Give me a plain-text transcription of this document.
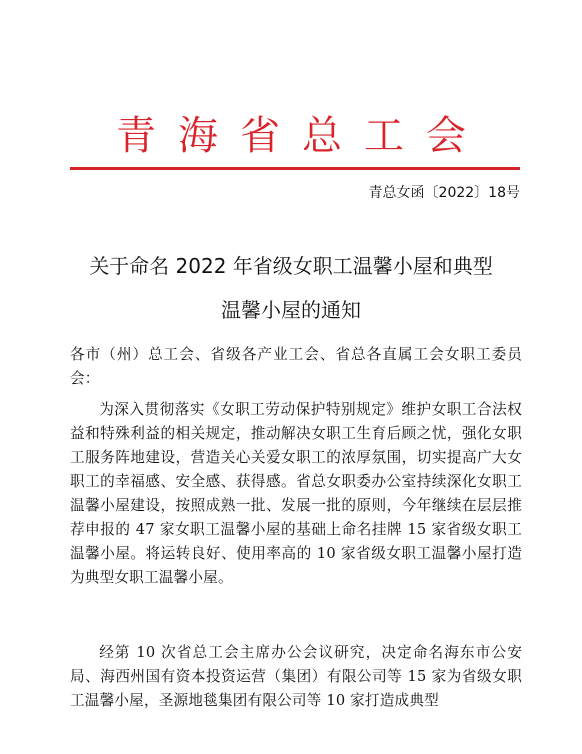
青海省总工会
青总女函〔2022〕18号
关于命名 2022 年省级女职工温馨小屋和典型
温馨小屋的通知

各市（州）总工会、省级各产业工会、省总各直属工会女职工委员会：

为深入贯彻落实《女职工劳动保护特别规定》维护女职工合法权益和特殊利益的相关规定，推动解决女职工生育后顾之忧，强化女职工服务阵地建设，营造关心关爱女职工的浓厚氛围，切实提高广大女职工的幸福感、安全感、获得感。省总女职委办公室持续深化女职工温馨小屋建设，按照成熟一批、发展一批的原则，今年继续在层层推荐申报的 47 家女职工温馨小屋的基础上命名挂牌 15 家省级女职工温馨小屋。将运转良好、使用率高的 10 家省级女职工温馨小屋打造为典型女职工温馨小屋。

经第 10 次省总工会主席办公会议研究，决定命名海东市公安局、海西州国有资本投资运营（集团）有限公司等 15 家为省级女职工温馨小屋，圣源地毯集团有限公司等 10 家打造成典型
